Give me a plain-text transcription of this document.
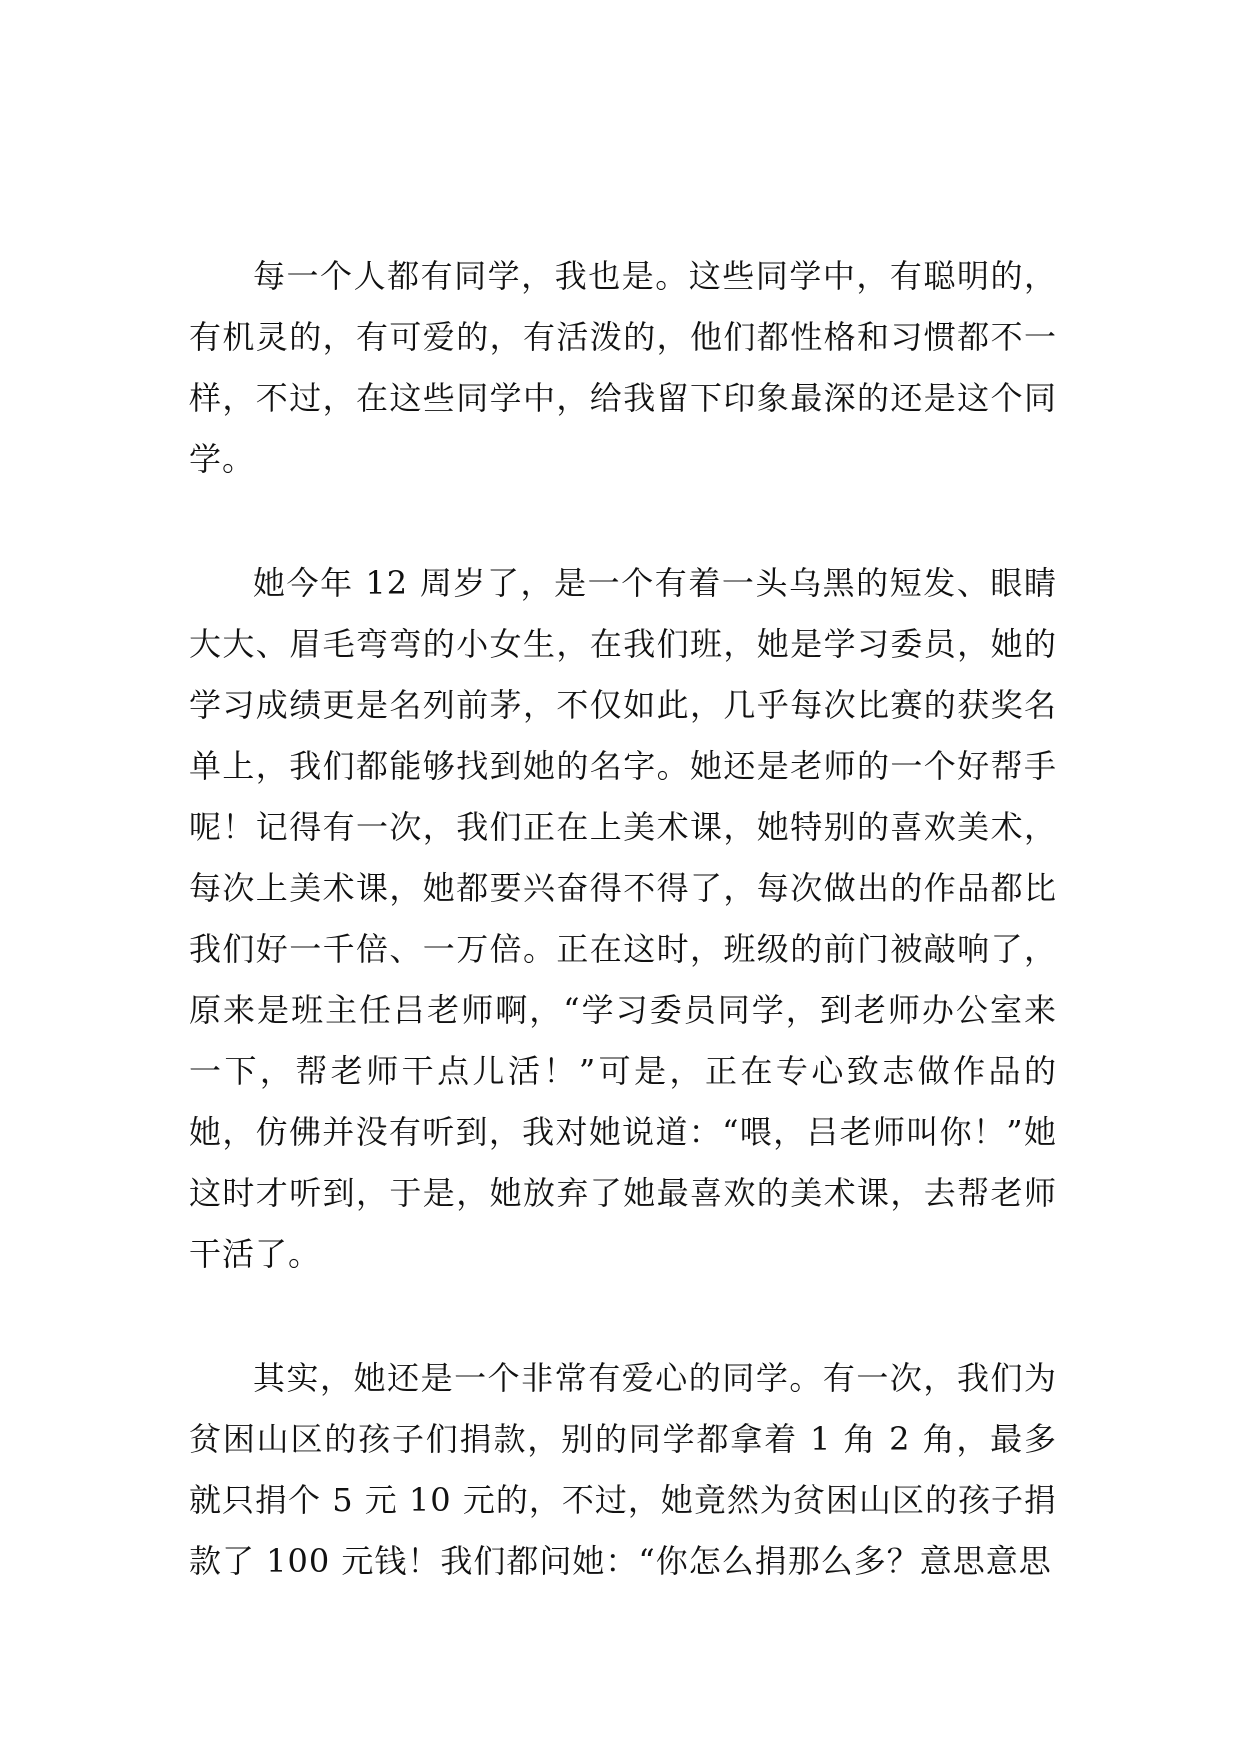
每一个人都有同学，我也是。这些同学中，有聪明的，有机灵的，有可爱的，有活泼的，他们都性格和习惯都不一样，不过，在这些同学中，给我留下印象最深的还是这个同学。

她今年 12 周岁了，是一个有着一头乌黑的短发、眼睛大大、眉毛弯弯的小女生，在我们班，她是学习委员，她的学习成绩更是名列前茅，不仅如此，几乎每次比赛的获奖名单上，我们都能够找到她的名字。她还是老师的一个好帮手呢！记得有一次，我们正在上美术课，她特别的喜欢美术，每次上美术课，她都要兴奋得不得了，每次做出的作品都比我们好一千倍、一万倍。正在这时，班级的前门被敲响了，原来是班主任吕老师啊，“学习委员同学，到老师办公室来一下，帮老师干点儿活！”可是，正在专心致志做作品的她，仿佛并没有听到，我对她说道：“喂，吕老师叫你！”她这时才听到，于是，她放弃了她最喜欢的美术课，去帮老师干活了。

其实，她还是一个非常有爱心的同学。有一次，我们为贫困山区的孩子们捐款，别的同学都拿着 1 角 2 角，最多就只捐个 5 元 10 元的，不过，她竟然为贫困山区的孩子捐款了 100 元钱！我们都问她：“你怎么捐那么多？意思意思
